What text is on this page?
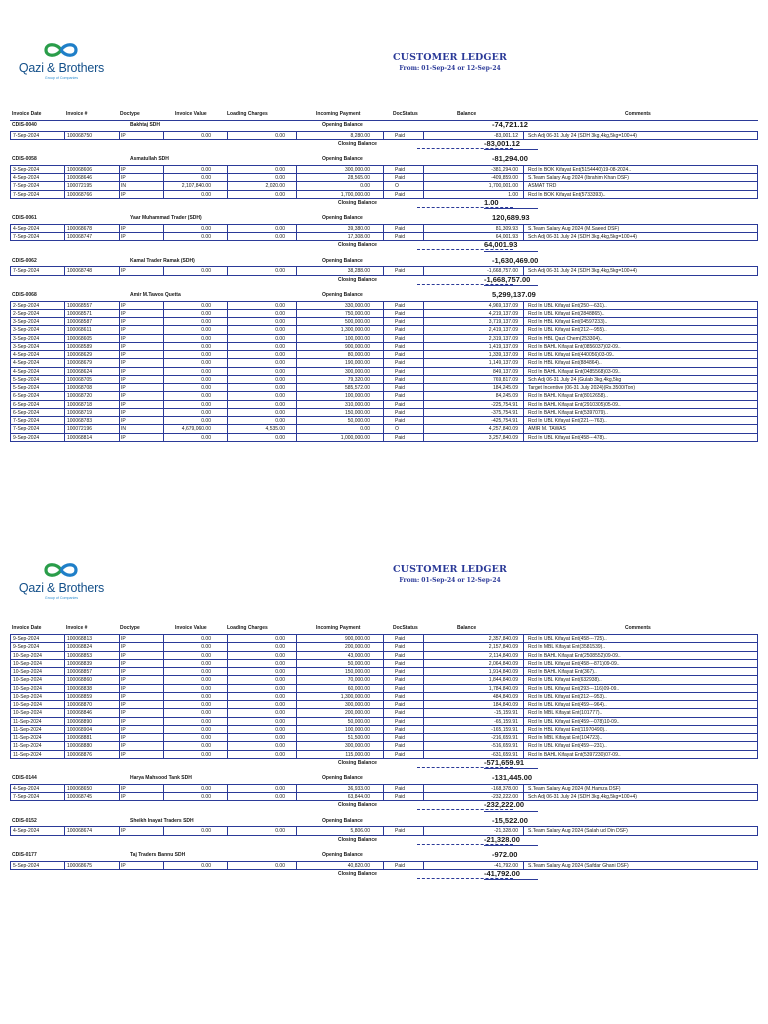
Qazi & Brothers
Group of Companies
CUSTOMER LEDGER
From: 01-Sep-24 or 12-Sep-24
Invoice Date	Invoice #	Doctype	Invoice Value	Loading Charges	Incoming Payment	DocStatus	Balance	Comments
CDIS-0040	Bakhtaj SDH	Opening Balance	-74,721.12
7-Sep-2024	100068750	IP	0.00	0.00	8,280.00	Paid	-83,001.12 Sch Adj 06-31 July 24 (SDH 3kg,4kg,5kg=100+4)
Closing Balance	-83,001.12
CDIS-0058	Asmatullah SDH	Opening Balance	-81,294.00
3-Sep-2024	100068606	IP	0.00	0.00	300,000.00	Paid	-381,294.00 Rcd In BOK Kifayat Ent(5154440)19-08-2024..
4-Sep-2024	100068646	IP	0.00	0.00	28,565.00	Paid	-409,859.00 S.Team Salary Aug 2024 (Ibrahim Khan DSF)
7-Sep-2024	100072195	IN	2,107,840.00	2,020.00	0.00	O	1,700,001.00 ASMAT TRD
7-Sep-2024	100068766	IP	0.00	0.00	1,700,000.00	Paid	1.00 Rcd In BOK Kifayat Ent(5733393)..
Closing Balance	1.00
CDIS-0061	Yaar Muhammad Trader (SDH)	Opening Balance	120,689.93
4-Sep-2024	100068678	IP	0.00	0.00	39,380.00	Paid	81,309.93 S.Team Salary Aug 2024 (M.Saeed DSF)
7-Sep-2024	100068747	IP	0.00	0.00	17,308.00	Paid	64,001.93 Sch Adj 06-31 July 24 (SDH 3kg,4kg,5kg=100+4)
Closing Balance	64,001.93
CDIS-0062	Kamal Trader Ramak (SDH)	Opening Balance	-1,630,469.00
7-Sep-2024	100068748	IP	0.00	0.00	38,288.00	Paid	-1,668,757.00 Sch Adj 06-31 July 24 (SDH 3kg,4kg,5kg=100+4)
Closing Balance	-1,668,757.00
CDIS-0068	Amir M.Tawos Quetta	Opening Balance	5,299,137.09
2-Sep-2024	100068557	IP	0.00	0.00	330,000.00	Paid	4,969,137.09 Rcd In UBL Kifayat Ent(250---631)..
2-Sep-2024	100068571	IP	0.00	0.00	750,000.00	Paid	4,219,137.09 Rcd In UBL Kifayat Ent(2848865)..
3-Sep-2024	100068587	IP	0.00	0.00	500,000.00	Paid	3,719,137.09 Rcd In HBL Kifayat Ent(04597233)..
3-Sep-2024	100068611	IP	0.00	0.00	1,300,000.00	Paid	2,419,137.09 Rcd In UBL Kifayat Ent(212---955)..
3-Sep-2024	100068605	IP	0.00	0.00	100,000.00	Paid	2,319,137.09 Rcd In HBL Qazi Chem(253304)..
3-Sep-2024	100068589	IP	0.00	0.00	900,000.00	Paid	1,419,137.09 Rcd In BAHL Kifayat Ent(0856037)02-09..
4-Sep-2024	100068629	IP	0.00	0.00	80,000.00	Paid	1,339,137.09 Rcd In UBL Kifayat Ent(440056)03-09..
4-Sep-2024	100068679	IP	0.00	0.00	190,000.00	Paid	1,149,137.09 Rcd In HBL Kifayat Ent(884864)..
4-Sep-2024	100068624	IP	0.00	0.00	300,000.00	Paid	849,137.09 Rcd In BAHL Kifayat Ent(0485568)03-09..
5-Sep-2024	100068705	IP	0.00	0.00	79,320.00	Paid	769,817.09 Sch Adj 06-31 July 24 (Gulab 3kg,4kg,5kg
5-Sep-2024	100068708	IP	0.00	0.00	585,572.00	Paid	184,245.09 Target Incentive (06-31 July 2024)(Rs.3500/Ton)
6-Sep-2024	100068720	IP	0.00	0.00	100,000.00	Paid	84,245.09 Rcd In BAHL Kifayat Ent(8012658)..
6-Sep-2024	100068718	IP	0.00	0.00	310,000.00	Paid	-225,754.91 Rcd In BAHL Kifayat Ent(2910305)05-09..
6-Sep-2024	100068719	IP	0.00	0.00	150,000.00	Paid	-375,754.91 Rcd In BAHL Kifayat Ent(5397079)..
7-Sep-2024	100068783	IP	0.00	0.00	50,000.00	Paid	-425,754.91 Rcd In UBL Kifayat Ent(221---763)..
7-Sep-2024	100072196	IN	4,679,060.00	4,535.00	0.00	O	4,257,840.09 AMIR M. TAWAS
9-Sep-2024	100068814	IP	0.00	0.00	1,000,000.00	Paid	3,257,840.09 Rcd In UBL Kifayat Ent(458---478)..
Qazi & Brothers
Group of Companies
CUSTOMER LEDGER
From: 01-Sep-24 or 12-Sep-24
Invoice Date	Invoice #	Doctype	Invoice Value	Loading Charges	Incoming Payment	DocStatus	Balance	Comments
9-Sep-2024	100068813	IP	0.00	0.00	900,000.00	Paid	2,357,840.09 Rcd In UBL Kifayat Ent(458---725)..
9-Sep-2024	100068824	IP	0.00	0.00	200,000.00	Paid	2,157,840.09 Rcd In MBL Kifayat Ent(3581539)..
10-Sep-2024	100068853	IP	0.00	0.00	43,000.00	Paid	2,114,840.09 Rcd In BAHL Kifayat Ent(2508552)09-09..
10-Sep-2024	100068839	IP	0.00	0.00	50,000.00	Paid	2,064,840.09 Rcd In UBL Kifayat Ent(458---871)09-09..
10-Sep-2024	100068857	IP	0.00	0.00	150,000.00	Paid	1,914,840.09 Rcd In BAHL Kifayat Ent(367)..
10-Sep-2024	100068860	IP	0.00	0.00	70,000.00	Paid	1,844,840.09 Rcd In UBL Kifayat Ent(632938)..
10-Sep-2024	100068838	IP	0.00	0.00	60,000.00	Paid	1,784,840.09 Rcd In UBL Kifayat Ent(293---116)09-09..
10-Sep-2024	100068859	IP	0.00	0.00	1,300,000.00	Paid	484,840.09 Rcd In UBL Kifayat Ent(212---953)..
10-Sep-2024	100068870	IP	0.00	0.00	300,000.00	Paid	184,840.09 Rcd In UBL Kifayat Ent(459---964)..
10-Sep-2024	100068846	IP	0.00	0.00	200,000.00	Paid	-15,159.91 Rcd In MBL Kifayat Ent(101777)..
11-Sep-2024	100068890	IP	0.00	0.00	50,000.00	Paid	-65,159.91 Rcd In UBL Kifayat Ent(459---078)10-09..
11-Sep-2024	100068904	IP	0.00	0.00	100,000.00	Paid	-165,159.91 Rcd In HBL Kifayat Ent(11970490)..
11-Sep-2024	100068881	IP	0.00	0.00	51,500.00	Paid	-216,659.91 Rcd In MBL Kifayat Ent(104723)..
11-Sep-2024	100068880	IP	0.00	0.00	300,000.00	Paid	-516,659.91 Rcd In UBL Kifayat Ent(459---231)..
11-Sep-2024	100068876	IP	0.00	0.00	115,000.00	Paid	-631,659.91 Rcd In BAHL Kifayat Ent(5397230)07-09..
Closing Balance	-571,659.91
CDIS-0144	Harya Mahsood Tank SDH	Opening Balance	-131,445.00
4-Sep-2024	100068650	IP	0.00	0.00	36,933.00	Paid	-168,378.00 S.Team Salary Aug 2024 (M.Hamza DSF)
7-Sep-2024	100068745	IP	0.00	0.00	63,844.00	Paid	-232,222.00 Sch Adj 06-31 July 24 (SDH 3kg,4kg,5kg=100+4)
Closing Balance	-232,222.00
CDIS-0152	Sheikh Inayat Traders SDH	Opening Balance	-15,522.00
4-Sep-2024	100068674	IP	0.00	0.00	5,806.00	Paid	-21,328.00 S.Team Salary Aug 2024 (Salah ud Din DSF)
Closing Balance	-21,328.00
CDIS-0177	Taj Traders Bannu SDH	Opening Balance	-972.00
5-Sep-2024	100068675	IP	0.00	0.00	40,820.00	Paid	-41,792.00 S.Team Salary Aug 2024 (Safdar Ghani DSF)
Closing Balance	-41,792.00
